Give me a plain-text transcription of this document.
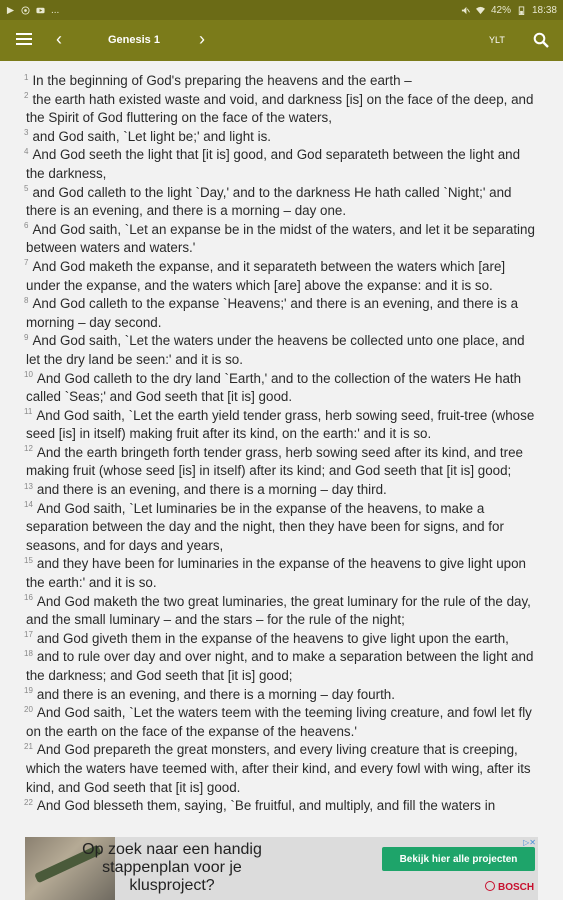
...	42% 18:38
‹	Genesis 1 ›	YLT
$^1$ In the beginning of God's preparing the heavens and the earth –
$^2$ the earth hath existed waste and void, and darkness [is] on the face of the deep, and the Spirit of God fluttering on the face of the waters,
$^3$ and God saith, `Let light be;' and light is.
$^4$ And God seeth the light that [it is] good, and God separateth between the light and the darkness,
$^5$ and God calleth to the light `Day,' and to the darkness He hath called `Night;' and there is an evening, and there is a morning – day one.
$^6$ And God saith, `Let an expanse be in the midst of the waters, and let it be separating between waters and waters.'
$^7$ And God maketh the expanse, and it separateth between the waters which [are] under the expanse, and the waters which [are] above the expanse: and it is so.
$^8$ And God calleth to the expanse `Heavens;' and there is an evening, and there is a morning – day second.
$^9$ And God saith, `Let the waters under the heavens be collected unto one place, and let the dry land be seen:' and it is so.
$^{10}$ And God calleth to the dry land `Earth,' and to the collection of the waters He hath called `Seas;' and God seeth that [it is] good.
$^{11}$ And God saith, `Let the earth yield tender grass, herb sowing seed, fruit-tree (whose seed [is] in itself) making fruit after its kind, on the earth:' and it is so.
$^{12}$ And the earth bringeth forth tender grass, herb sowing seed after its kind, and tree making fruit (whose seed [is] in itself) after its kind; and God seeth that [it is] good;
$^{13}$ and there is an evening, and there is a morning – day third.
$^{14}$ And God saith, `Let luminaries be in the expanse of the heavens, to make a separation between the day and the night, then they have been for signs, and for seasons, and for days and years,
$^{15}$ and they have been for luminaries in the expanse of the heavens to give light upon the earth:' and it is so.
$^{16}$ And God maketh the two great luminaries, the great luminary for the rule of the day, and the small luminary – and the stars – for the rule of the night;
$^{17}$ and God giveth them in the expanse of the heavens to give light upon the earth,
$^{18}$ and to rule over day and over night, and to make a separation between the light and the darkness; and God seeth that [it is] good;
$^{19}$ and there is an evening, and there is a morning – day fourth.
$^{20}$ And God saith, `Let the waters teem with the teeming living creature, and fowl let fly on the earth on the face of the expanse of the heavens.'
$^{21}$ And God prepareth the great monsters, and every living creature that is creeping, which the waters have teemed with, after their kind, and every fowl with wing, after its kind, and God seeth that [it is] good.
$^{22}$ And God blesseth them, saying, `Be fruitful, and multiply, and fill the waters in
Op zoek naar een handig stappenplan voor je klusproject?
Bekijk hier alle projecten
BOSCH
▷✕
